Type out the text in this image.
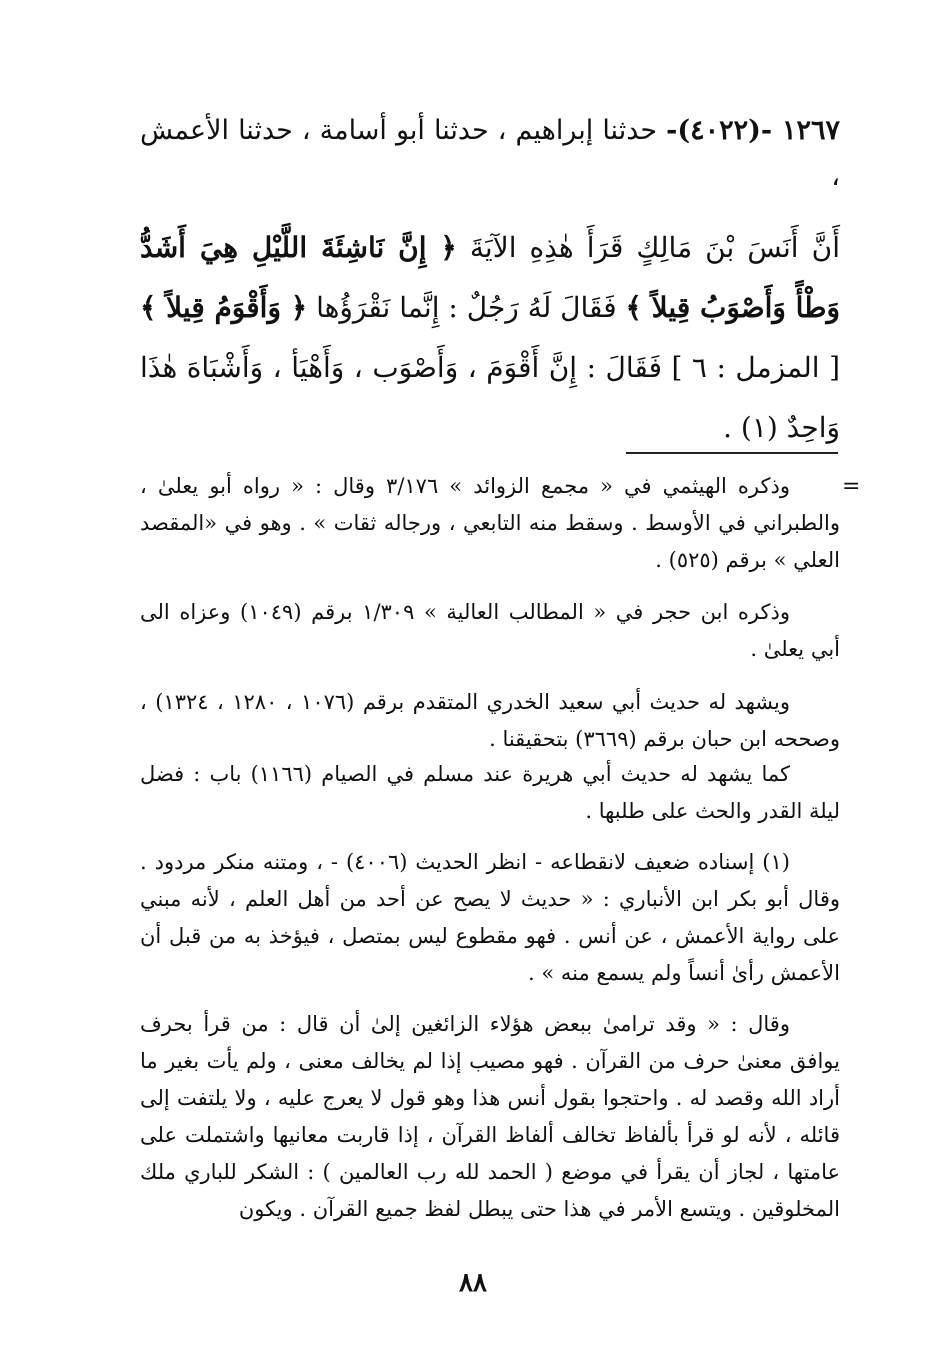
١٢٦٧ -(٤٠٢٢)- حدثنا إبراهيم ، حدثنا أبو أسامة ، حدثنا الأعمش ،
أَنَّ أَنَسَ بْنَ مَالِكٍ قَرَأَ هٰذِهِ الآيَةَ ﴿ إِنَّ نَاشِئَةَ اللَّيْلِ هِيَ أَشَدُّ وَطْأً وَأَصْوَبُ قِيلاً ﴾ فَقَالَ لَهُ رَجُلٌ : إِنَّما نَقْرَؤُها ﴿ وَأَقْوَمُ قِيلاً ﴾ [ المزمل : ٦ ] فَقَالَ : إِنَّ أَقْوَمَ ، وَأَصْوَب ، وَأَهْيَأ ، وَأَشْبَاهَ هٰذَا وَاحِدٌ (١) .
=

وذكره الهيثمي في « مجمع الزوائد » ٣/١٧٦ وقال : « رواه أبو يعلىٰ ، والطبراني في الأوسط . وسقط منه التابعي ، ورجاله ثقات » . وهو في «المقصد العلي » برقم (٥٢٥) .

وذكره ابن حجر في « المطالب العالية » ١/٣٠٩ برقم (١٠٤٩) وعزاه الى أبي يعلىٰ .

ويشهد له حديث أبي سعيد الخدري المتقدم برقم (١٠٧٦ ، ١٢٨٠ ، ١٣٢٤) ، وصححه ابن حبان برقم (٣٦٦٩) بتحقيقنا .

كما يشهد له حديث أبي هريرة عند مسلم في الصيام (١١٦٦) باب : فضل ليلة القدر والحث على طلبها .

(١) إسناده ضعيف لانقطاعه - انظر الحديث (٤٠٠٦) - ، ومتنه منكر مردود . وقال أبو بكر ابن الأنباري : « حديث لا يصح عن أحد من أهل العلم ، لأنه مبني على رواية الأعمش ، عن أنس . فهو مقطوع ليس بمتصل ، فيؤخذ به من قبل أن الأعمش رأىٰ أنساً ولم يسمع منه » .

وقال : « وقد ترامىٰ ببعض هؤلاء الزائغين إلىٰ أن قال : من قرأ بحرف يوافق معنىٰ حرف من القرآن . فهو مصيب إذا لم يخالف معنى ، ولم يأت بغير ما أراد الله وقصد له . واحتجوا بقول أنس هذا وهو قول لا يعرج عليه ، ولا يلتفت إلى قائله ، لأنه لو قرأ بألفاظ تخالف ألفاظ القرآن ، إذا قاربت معانيها واشتملت على عامتها ، لجاز أن يقرأ في موضع ( الحمد لله رب العالمين ) : الشكر للباري ملك المخلوقين . ويتسع الأمر في هذا حتى يبطل لفظ جميع القرآن . ويكون

٨٨
